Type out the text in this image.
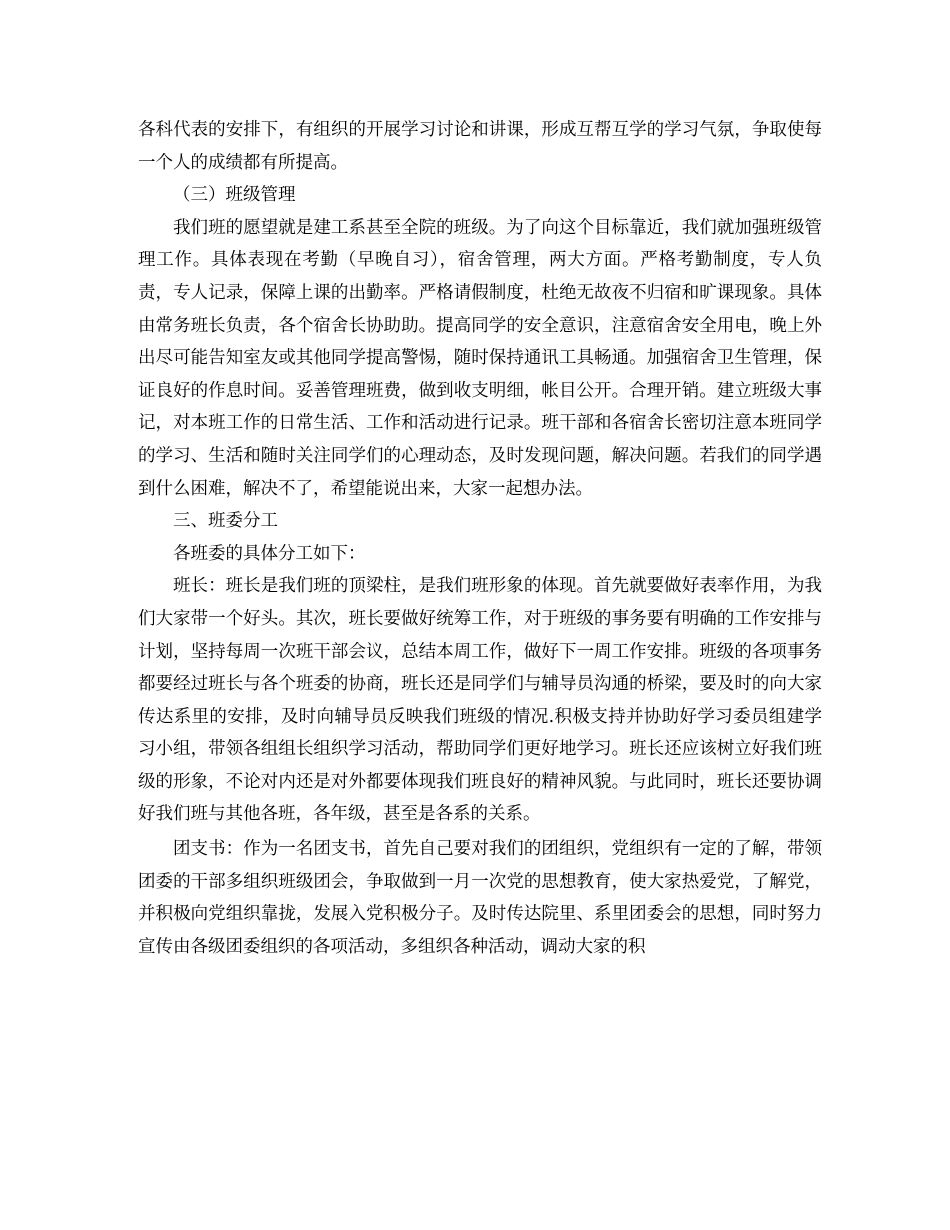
各科代表的安排下，有组织的开展学习讨论和讲课，形成互帮互学的学习气氛，争取使每一个人的成绩都有所提高。

（三）班级管理

我们班的愿望就是建工系甚至全院的班级。为了向这个目标靠近，我们就加强班级管理工作。具体表现在考勤（早晚自习），宿舍管理，两大方面。严格考勤制度，专人负责，专人记录，保障上课的出勤率。严格请假制度，杜绝无故夜不归宿和旷课现象。具体由常务班长负责，各个宿舍长协助助。提高同学的安全意识，注意宿舍安全用电，晚上外出尽可能告知室友或其他同学提高警惕，随时保持通讯工具畅通。加强宿舍卫生管理，保证良好的作息时间。妥善管理班费，做到收支明细，帐目公开。合理开销。建立班级大事记，对本班工作的日常生活、工作和活动进行记录。班干部和各宿舍长密切注意本班同学的学习、生活和随时关注同学们的心理动态，及时发现问题，解决问题。若我们的同学遇到什么困难，解决不了，希望能说出来，大家一起想办法。

三、班委分工

各班委的具体分工如下：

班长：班长是我们班的顶梁柱，是我们班形象的体现。首先就要做好表率作用，为我们大家带一个好头。其次，班长要做好统筹工作，对于班级的事务要有明确的工作安排与计划，坚持每周一次班干部会议，总结本周工作，做好下一周工作安排。班级的各项事务都要经过班长与各个班委的协商，班长还是同学们与辅导员沟通的桥梁，要及时的向大家传达系里的安排，及时向辅导员反映我们班级的情况.积极支持并协助好学习委员组建学习小组，带领各组组长组织学习活动，帮助同学们更好地学习。班长还应该树立好我们班级的形象，不论对内还是对外都要体现我们班良好的精神风貌。与此同时，班长还要协调好我们班与其他各班，各年级，甚至是各系的关系。

团支书：作为一名团支书，首先自己要对我们的团组织，党组织有一定的了解，带领团委的干部多组织班级团会，争取做到一月一次党的思想教育，使大家热爱党，了解党，并积极向党组织靠拢，发展入党积极分子。及时传达院里、系里团委会的思想，同时努力宣传由各级团委组织的各项活动，多组织各种活动，调动大家的积
